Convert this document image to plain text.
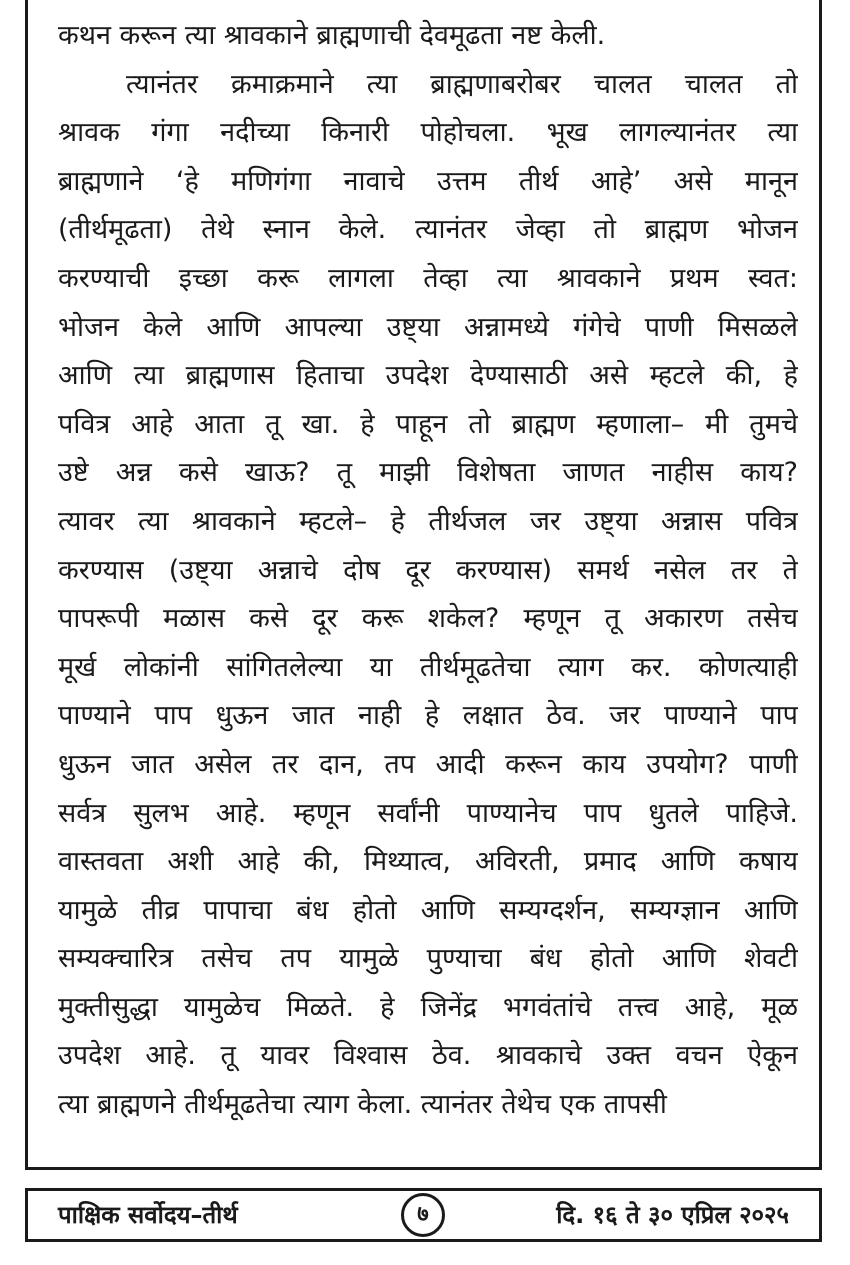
कथन करून त्या श्रावकाने ब्राह्मणाची देवमूढता नष्ट केली.
त्यानंतर क्रमाक्रमाने त्या ब्राह्मणाबरोबर चालत चालत तो
श्रावक गंगा नदीच्या किनारी पोहोचला. भूख लागल्यानंतर त्या
ब्राह्मणाने ‘हे मणिगंगा नावाचे उत्तम तीर्थ आहे’ असे मानून
(तीर्थमूढता) तेथे स्नान केले. त्यानंतर जेव्हा तो ब्राह्मण भोजन
करण्याची इच्छा करू लागला तेव्हा त्या श्रावकाने प्रथम स्वत:
भोजन केले आणि आपल्या उष्ट्या अन्नामध्ये गंगेचे पाणी मिसळले
आणि त्या ब्राह्मणास हिताचा उपदेश देण्यासाठी असे म्हटले की, हे
पवित्र आहे आता तू खा. हे पाहून तो ब्राह्मण म्हणाला– मी तुमचे
उष्टे अन्न कसे खाऊ? तू माझी विशेषता जाणत नाहीस काय?
त्यावर त्या श्रावकाने म्हटले– हे तीर्थजल जर उष्ट्या अन्नास पवित्र
करण्यास (उष्ट्या अन्नाचे दोष दूर करण्यास) समर्थ नसेल तर ते
पापरूपी मळास कसे दूर करू शकेल? म्हणून तू अकारण तसेच
मूर्ख लोकांनी सांगितलेल्या या तीर्थमूढतेचा त्याग कर. कोणत्याही
पाण्याने पाप धुऊन जात नाही हे लक्षात ठेव. जर पाण्याने पाप
धुऊन जात असेल तर दान, तप आदी करून काय उपयोग? पाणी
सर्वत्र सुलभ आहे. म्हणून सर्वांनी पाण्यानेच पाप धुतले पाहिजे.
वास्तवता अशी आहे की, मिथ्यात्व, अविरती, प्रमाद आणि कषाय
यामुळे तीव्र पापाचा बंध होतो आणि सम्यग्दर्शन, सम्यग्ज्ञान आणि
सम्यक्चारित्र तसेच तप यामुळे पुण्याचा बंध होतो आणि शेवटी
मुक्तीसुद्धा यामुळेच मिळते. हे जिनेंद्र भगवंतांचे तत्त्व आहे, मूळ
उपदेश आहे. तू यावर विश्वास ठेव. श्रावकाचे उक्त वचन ऐकून
त्या ब्राह्मणने तीर्थमूढतेचा त्याग केला. त्यानंतर तेथेच एक तापसी
पाक्षिक सर्वोदय–तीर्थ	७	दि. १६ ते ३० एप्रिल २०२५
